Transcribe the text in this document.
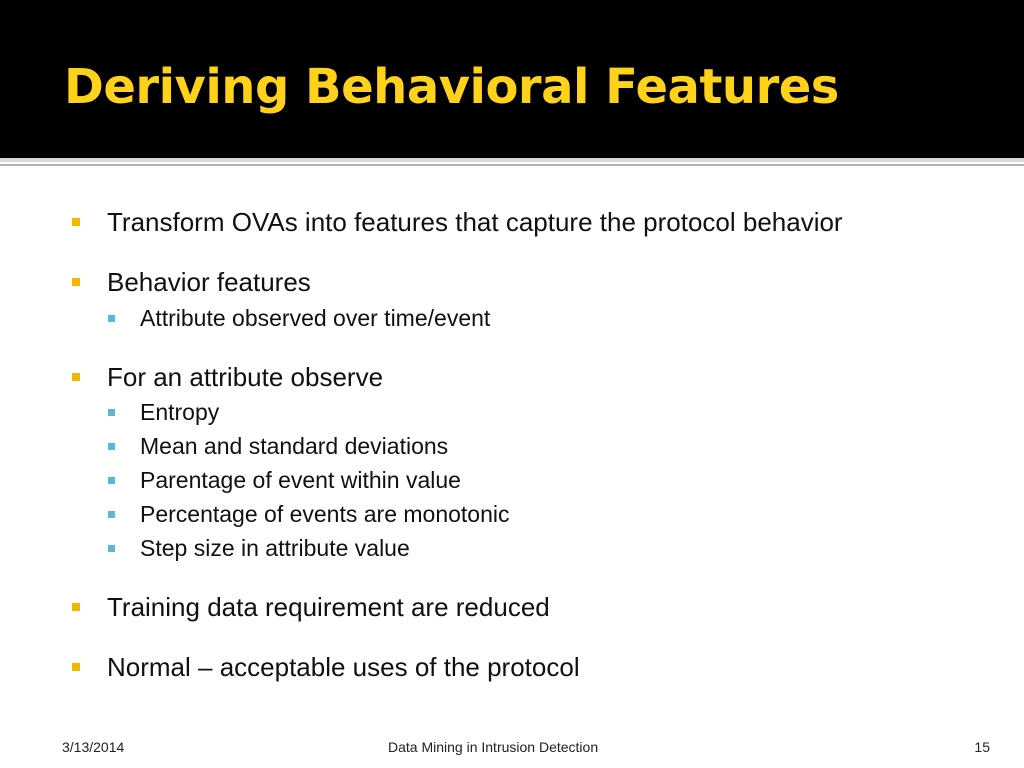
Deriving Behavioral Features
Transform OVAs into features that capture the protocol behavior
Behavior features
Attribute observed over time/event
For an attribute observe
Entropy
Mean and standard deviations
Parentage of event within value
Percentage of events are monotonic
Step size in attribute value
Training data requirement are reduced
Normal – acceptable uses of the protocol
3/13/2014	Data Mining in Intrusion Detection	15
